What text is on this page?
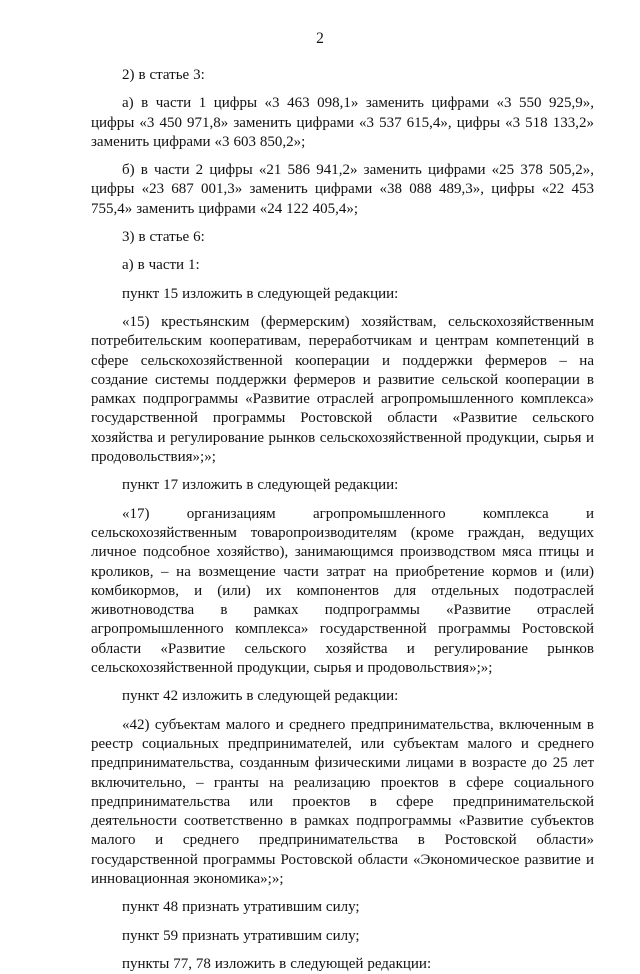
2

2) в статье 3:

а) в части 1 цифры «3 463 098,1» заменить цифрами «3 550 925,9», цифры «3 450 971,8» заменить цифрами «3 537 615,4», цифры «3 518 133,2» заменить цифрами «3 603 850,2»;

б) в части 2 цифры «21 586 941,2» заменить цифрами «25 378 505,2», цифры «23 687 001,3» заменить цифрами «38 088 489,3», цифры «22 453 755,4» заменить цифрами «24 122 405,4»;

3) в статье 6:

а) в части 1:

пункт 15 изложить в следующей редакции:

«15) крестьянским (фермерским) хозяйствам, сельскохозяйственным потребительским кооперативам, переработчикам и центрам компетенций в сфере сельскохозяйственной кооперации и поддержки фермеров – на создание системы поддержки фермеров и развитие сельской кооперации в рамках подпрограммы «Развитие отраслей агропромышленного комплекса» государственной программы Ростовской области «Развитие сельского хозяйства и регулирование рынков сельскохозяйственной продукции, сырья и продовольствия»;»;

пункт 17 изложить в следующей редакции:

«17) организациям агропромышленного комплекса и сельскохозяйственным товаропроизводителям (кроме граждан, ведущих личное подсобное хозяйство), занимающимся производством мяса птицы и кроликов, – на возмещение части затрат на приобретение кормов и (или) комбикормов, и (или) их компонентов для отдельных подотраслей животноводства в рамках подпрограммы «Развитие отраслей агропромышленного комплекса» государственной программы Ростовской области «Развитие сельского хозяйства и регулирование рынков сельскохозяйственной продукции, сырья и продовольствия»;»;

пункт 42 изложить в следующей редакции:

«42) субъектам малого и среднего предпринимательства, включенным в реестр социальных предпринимателей, или субъектам малого и среднего предпринимательства, созданным физическими лицами в возрасте до 25 лет включительно, – гранты на реализацию проектов в сфере социального предпринимательства или проектов в сфере предпринимательской деятельности соответственно в рамках подпрограммы «Развитие субъектов малого и среднего предпринимательства в Ростовской области» государственной программы Ростовской области «Экономическое развитие и инновационная экономика»;»;

пункт 48 признать утратившим силу;

пункт 59 признать утратившим силу;

пункты 77, 78 изложить в следующей редакции:
